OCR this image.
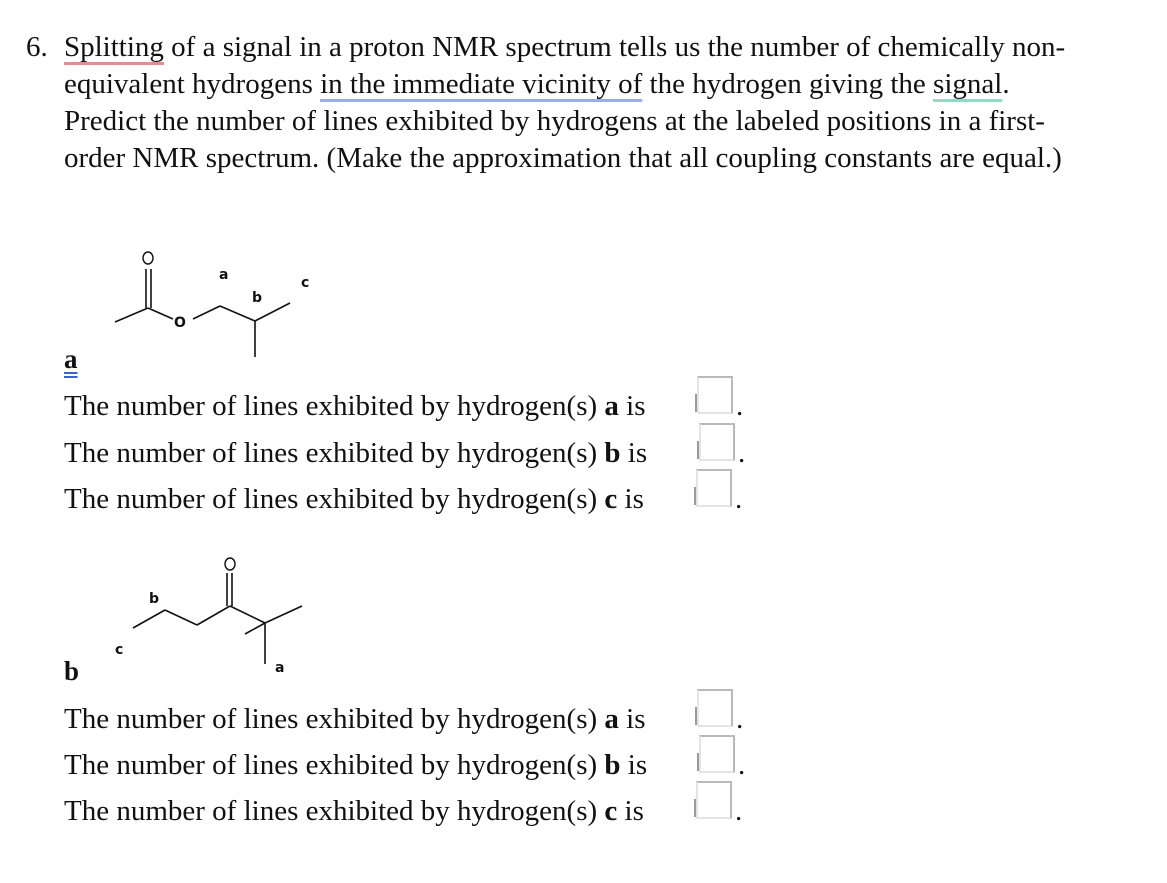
6. Splitting of a signal in a proton NMR spectrum tells us the number of chemically non-
equivalent hydrogens in the immediate vicinity of the hydrogen giving the signal.
Predict the number of lines exhibited by hydrogens at the labeled positions in a first-
order NMR spectrum. (Make the approximation that all coupling constants are equal.)
O
a
b
c
a
The number of lines exhibited by hydrogen(s) a is	.
The number of lines exhibited by hydrogen(s) b is	.
The number of lines exhibited by hydrogen(s) c is	.
b
c
a
b
The number of lines exhibited by hydrogen(s) a is	.
The number of lines exhibited by hydrogen(s) b is	.
The number of lines exhibited by hydrogen(s) c is	.
